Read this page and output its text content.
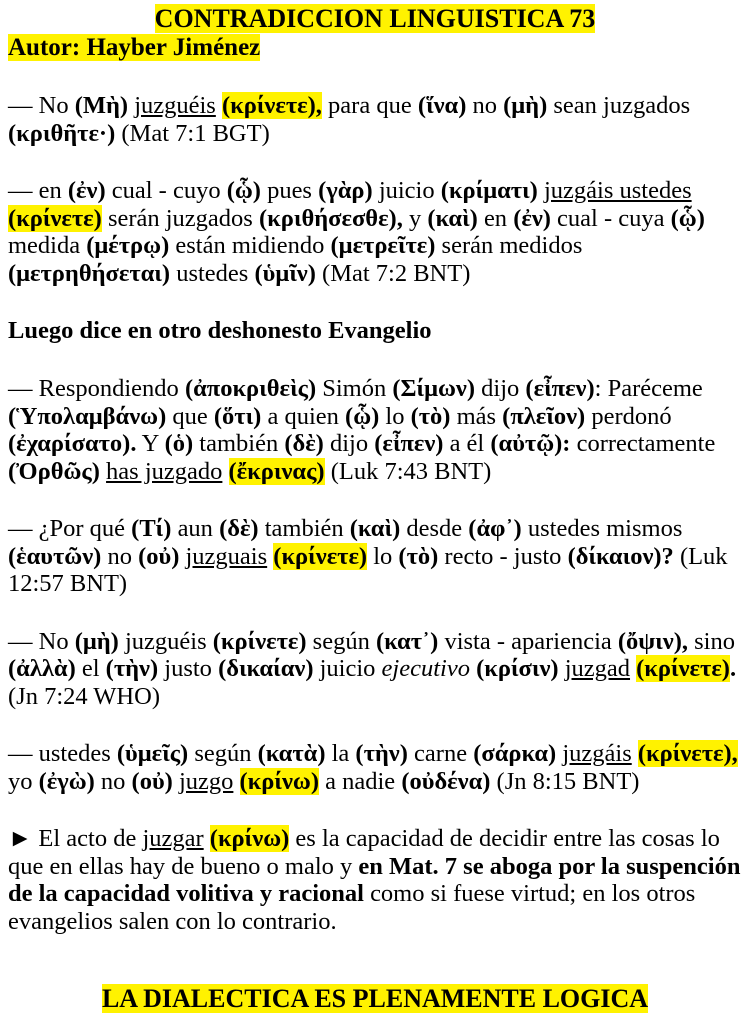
CONTRADICCION LINGUISTICA 73

Autor: Hayber Jiménez

— No (Μὴ) juzguéis (κρίνετε), para que (ἵνα) no (μὴ) sean juzgados (κριθῆτε·) (Mat 7:1 BGT)

— en (ἐν) cual - cuyo (ᾧ) pues (γὰρ) juicio (κρίματι) juzgáis ustedes (κρίνετε) serán juzgados (κριθήσεσθε), y (καὶ) en (ἐν) cual - cuya (ᾧ) medida (μέτρῳ) están midiendo (μετρεῖτε) serán medidos (μετρηθήσεται) ustedes (ὑμῖν) (Mat 7:2 BNT)

Luego dice en otro deshonesto Evangelio

— Respondiendo (ἀποκριθεὶς) Simón (Σίμων) dijo (εἶπεν): Paréceme (Ὑπολαμβάνω) que (ὅτι) a quien (ᾧ) lo (τὸ) más (πλεῖον) perdonó (ἐχαρίσατο). Y (ὁ) también (δὲ) dijo (εἶπεν) a él (αὐτῷ): correctamente (Ὀρθῶς) has juzgado (ἔκρινας) (Luk 7:43 BNT)

— ¿Por qué (Τί) aun (δὲ) también (καὶ) desde (ἀφ᾽) ustedes mismos (ἑαυτῶν) no (οὐ) juzguais (κρίνετε) lo (τὸ) recto - justo (δίκαιον)? (Luk 12:57 BNT)

— No (μὴ) juzguéis (κρίνετε) según (κατ᾽) vista - apariencia (ὄψιν), sino (ἀλλὰ) el (τὴν) justo (δικαίαν) juicio ejecutivo (κρίσιν) juzgad (κρίνετε). (Jn 7:24 WHO)

— ustedes (ὑμεῖς) según (κατὰ) la (τὴν) carne (σάρκα) juzgáis (κρίνετε), yo (ἐγὼ) no (οὐ) juzgo (κρίνω) a nadie (οὐδένα) (Jn 8:15 BNT)

► El acto de juzgar (κρίνω) es la capacidad de decidir entre las cosas lo que en ellas hay de bueno o malo y en Mat. 7 se aboga por la suspención de la capacidad volitiva y racional como si fuese virtud; en los otros evangelios salen con lo contrario.

LA DIALECTICA ES PLENAMENTE LOGICA
